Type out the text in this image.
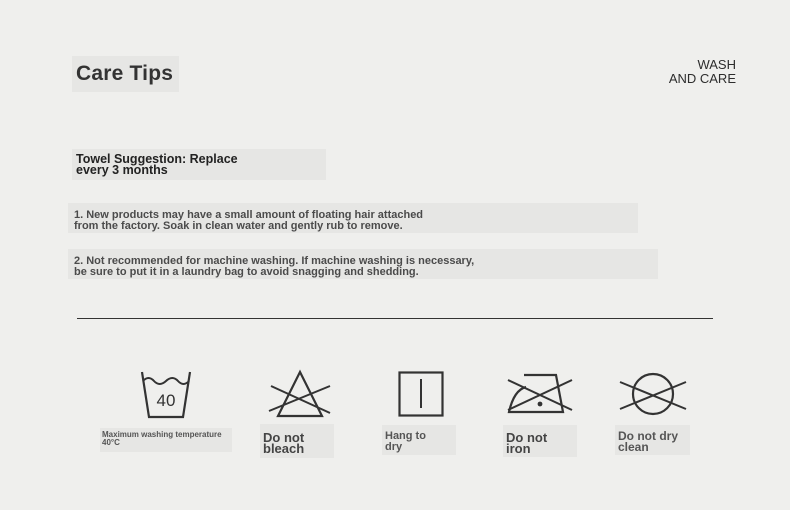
Care Tips	WASH
AND CARE
Towel Suggestion: Replace
every 3 months
1. New products may have a small amount of floating hair attached
from the factory. Soak in clean water and gently rub to remove.
2. Not recommended for machine washing. If machine washing is necessary,
be sure to put it in a laundry bag to avoid snagging and shedding.
40
Maximum washing temperature
40°C	Do not
bleach
Hang to
dry
Do not
iron
Do not dry
clean
